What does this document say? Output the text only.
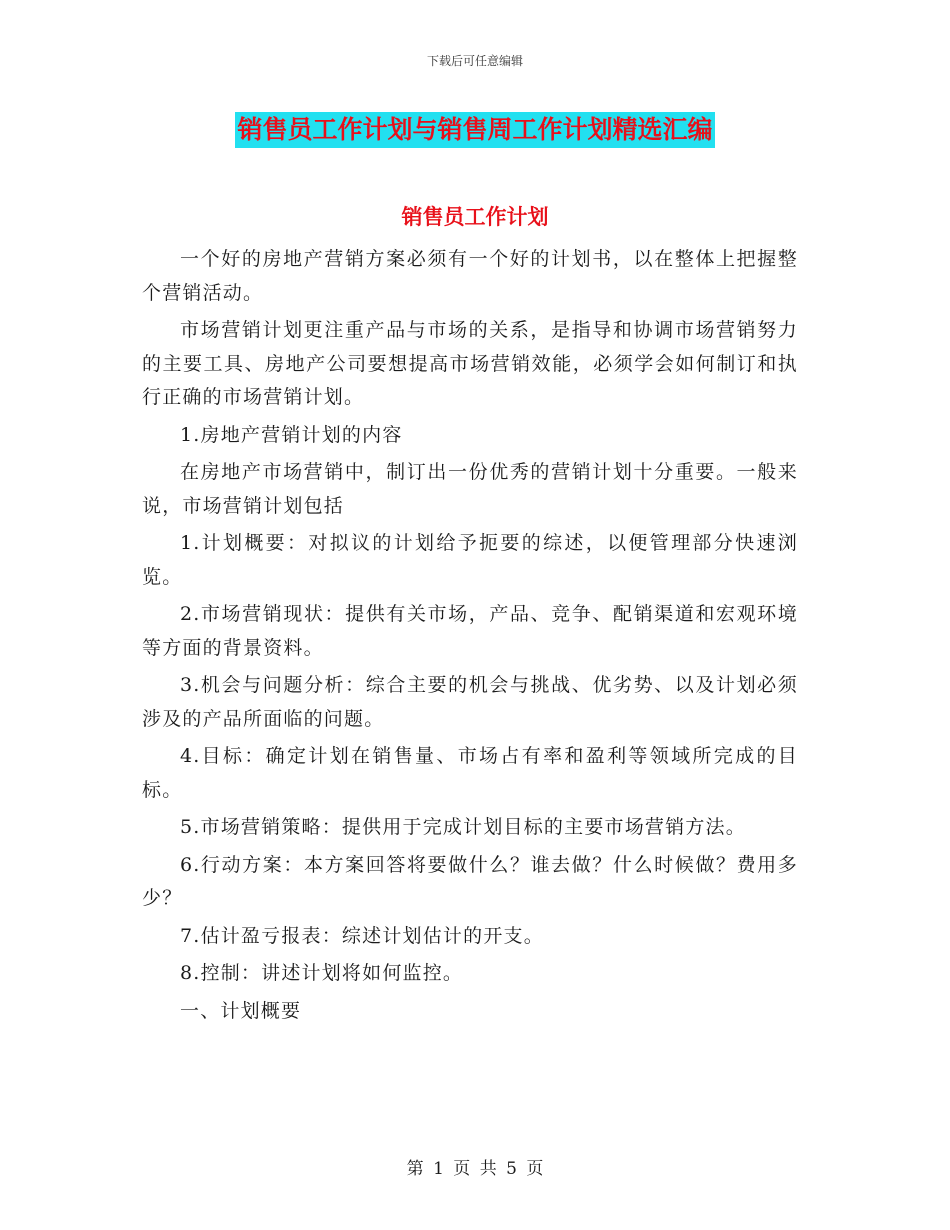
下载后可任意编辑
销售员工作计划与销售周工作计划精选汇编
销售员工作计划

一个好的房地产营销方案必须有一个好的计划书，以在整体上把握整个营销活动。

市场营销计划更注重产品与市场的关系，是指导和协调市场营销努力的主要工具、房地产公司要想提高市场营销效能，必须学会如何制订和执行正确的市场营销计划。

1.房地产营销计划的内容

在房地产市场营销中，制订出一份优秀的营销计划十分重要。一般来说，市场营销计划包括

1.计划概要：对拟议的计划给予扼要的综述，以便管理部分快速浏览。

2.市场营销现状：提供有关市场，产品、竞争、配销渠道和宏观环境等方面的背景资料。

3.机会与问题分析：综合主要的机会与挑战、优劣势、以及计划必须涉及的产品所面临的问题。

4.目标：确定计划在销售量、市场占有率和盈利等领域所完成的目标。

5.市场营销策略：提供用于完成计划目标的主要市场营销方法。

6.行动方案：本方案回答将要做什么？谁去做？什么时候做？费用多少？

7.估计盈亏报表：综述计划估计的开支。

8.控制：讲述计划将如何监控。

一、计划概要

第 1 页 共 5 页
